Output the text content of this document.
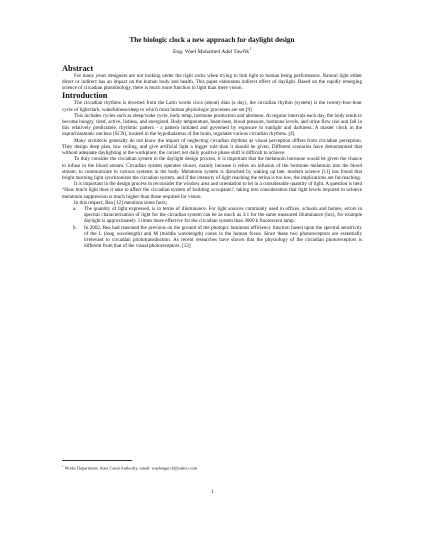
The biologic clock a new approach for daylight design

Eng. Wael Mohamed Adel Tawfik$^1$

Abstract

For many years designers are not looking under the right rocks when trying to link light to human being performance. Natural light either direct or indirect has an impact on the human body and health. This paper elaborates indirect effect of daylight. Based on the rapidly emerging science of circadian photobiology, there is much more function to light than mere vision.

Introduction

The circadian rhythms is diverted from the Latin words circa (about) dian (a day), the circadian rhythm (system) is the twenty-four-hour cycle of light/dark, wakefulness/sleep to which most human physiologic processes are set.[9]

This includes cycles such as sleep/wake cycle, body temp, hormone production and alertness. At regular intervals each day, the body tends to become hungry, tired, active, listless, and energized. Body temperature, heart-beat, blood pressure, hormone levels, and urine flow rise and fall in this relatively predictable, rhythmic pattern - a pattern initiated and governed by exposure to sunlight and darkness. A master clock in the suprachiasmatic nucleus (SCN), located in the hypothalamus of the brain, regulates various circadian rhythms. [4]

Many architects generally do not know the impact of neglecting circadian rhythms as visual perception differs from circadian perception. They design deep plan, low ceiling, and give artificial light a bigger role than it should be given. Different scenarios have demonstrated that without adequate daylighting at the workplace, the correct net daily positive phase shift is difficult to achieve.

To duly consider the circadian system in the daylight design process, it is important that the melatonin hormone would be given the chance to infuse in the blood stream. Circadian system operates slower, mainly because it relies on infusion of the hormone melatonin into the blood stream, to communicate to various systems in the body. Melatonin system is disturbed by waking up late, modern science [11] has found that bright morning light synchronizes the circadian system, and if the intensity of light reaching the retina is too low, the implications are far-reaching.

It is important in the design process to reconsider the window area and orientation to let in a considerable quantity of light. A question is held “How much light does it take to affect the circadian system of building occupants?, taking into consideration that light levels required to achieve melatonin suppression is much higher than those required for vision.

In this respect, Rea [12] mentions some facts;

a. The quantity of light expressed, is in terms of illuminance. For light sources commonly used in offices, schools and homes, errors in spectral characterization of light for the circadian system can be as much as 3:1 for the same measured illuminance (lux), for example daylight is approximately 3 times more effective for the circadian system than 3000 k fluorescent lamp.
b. In 2002, Rea had reasoned the previous on the ground of the photopic luminous efficiency function based upon the spectral sensitivity of the L (long wavelength) and M (middle wavelength) cones in the human fovea. Since these two photoreceptors are essentially irrelevant to circadian phototransduction. As recent researches have shown that the physiology of the circadian photoreceptors is different from that of the visual photoreceptors. [12]
$^1$ Works Department, Suez Canal Authority, email: waelengarch@yahoo.com
1
